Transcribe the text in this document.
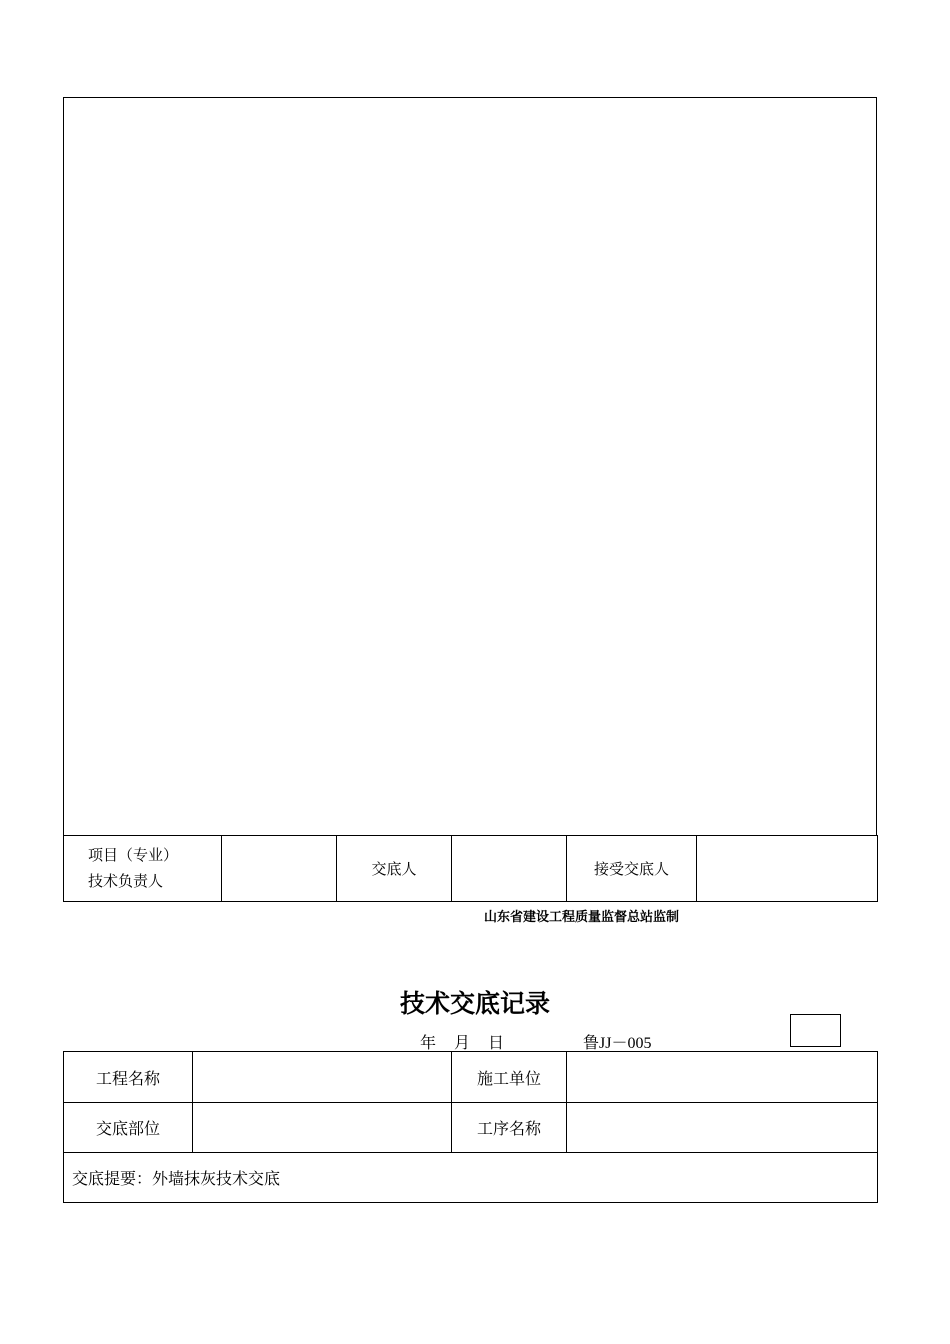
项目（专业）
技术负责人
		交底人		接受交底人	
山东省建设工程质量监督总站监制
技术交底记录
年 月 日	鲁JJ－005
工程名称		施工单位	
交底部位		工序名称	
交底提要：外墙抹灰技术交底			
